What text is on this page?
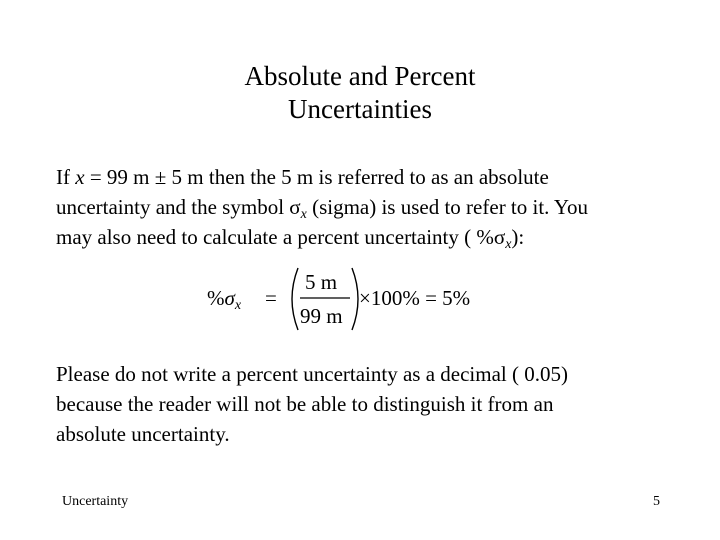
Absolute and Percent
Uncertainties
If x = 99 m ± 5 m then the 5 m is referred to as an absolute
uncertainty and the symbol $\sigma_x$ (sigma) is used to refer to it. You
may also need to calculate a percent uncertainty ( $\%\sigma_x$):
$\%\sigma_x$ =
5 m
99 m
×100% = 5%
Please do not write a percent uncertainty as a decimal ( 0.05)
because the reader will not be able to distinguish it from an
absolute uncertainty.
Uncertainty	5
